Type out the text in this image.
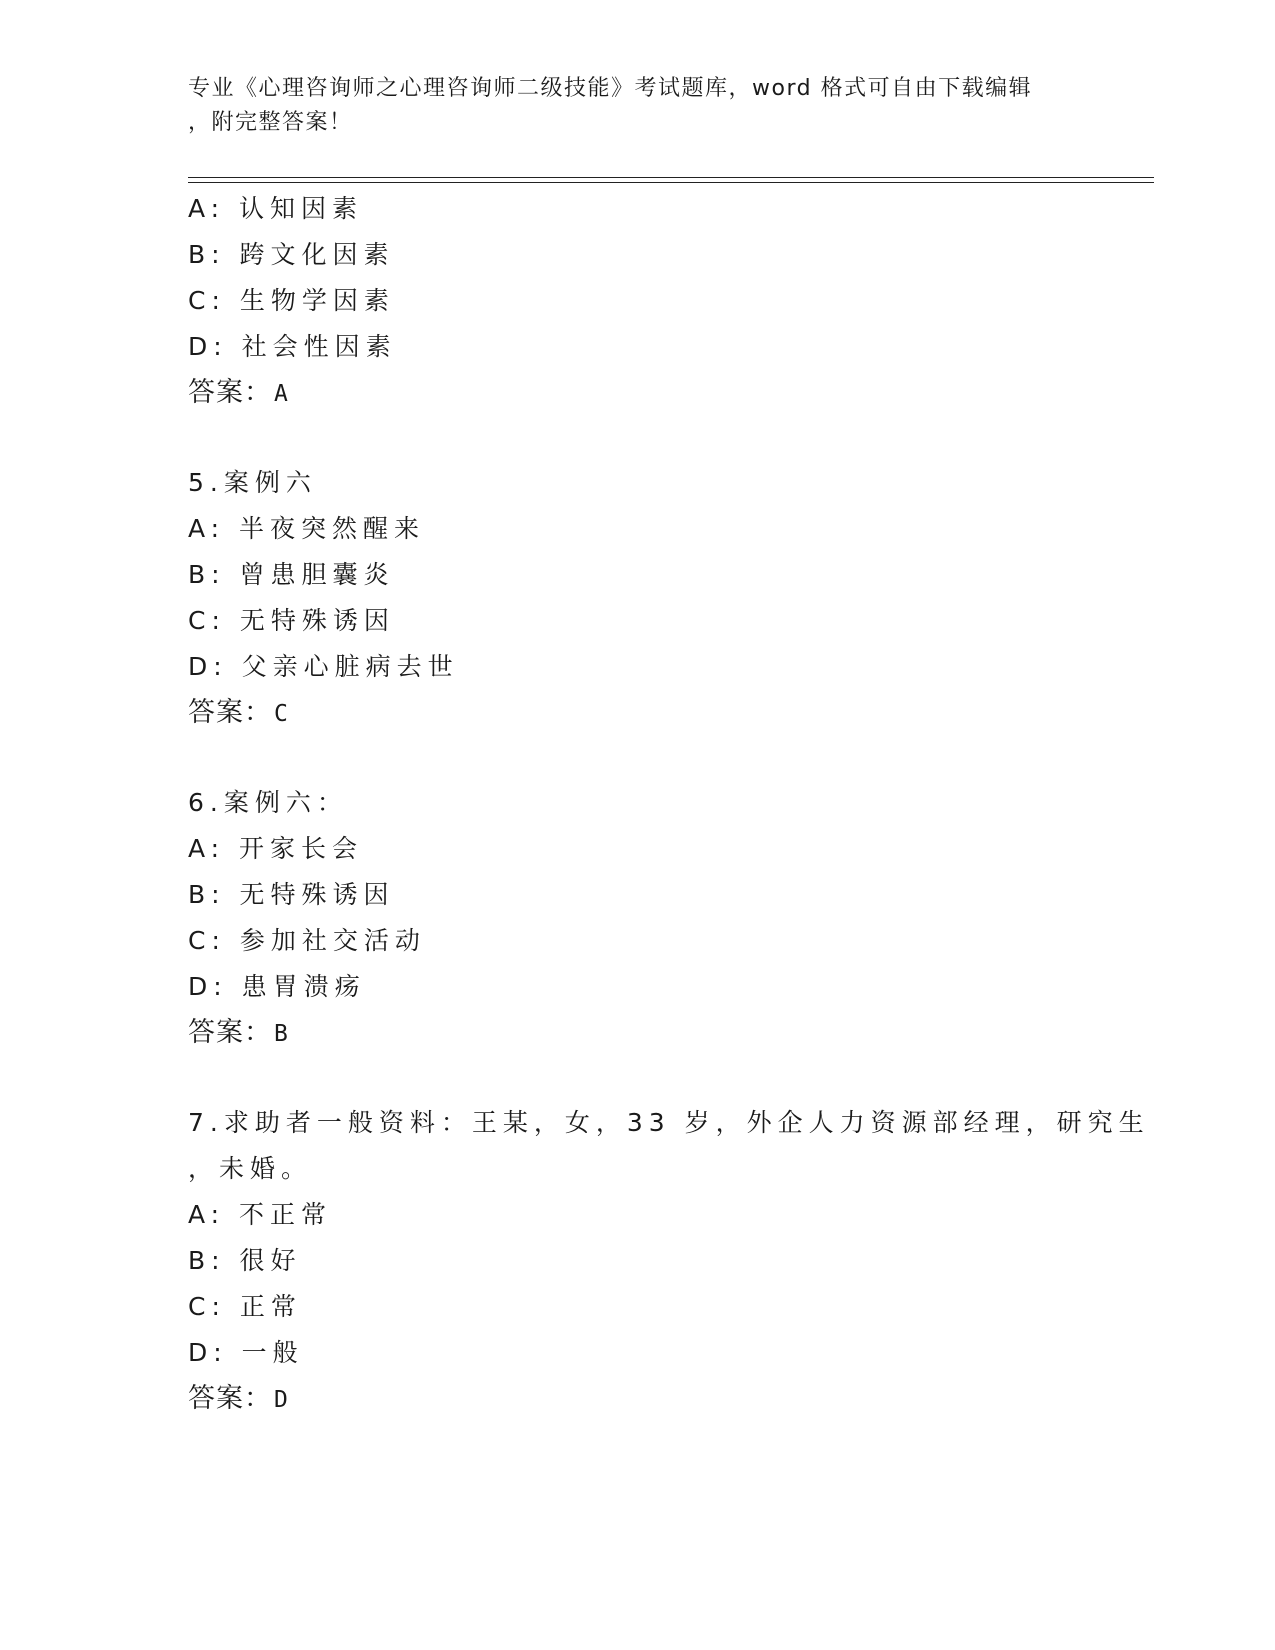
专业《心理咨询师之心理咨询师二级技能》考试题库，word 格式可自由下载编辑
，附完整答案！
A: 认知因素
B: 跨文化因素
C: 生物学因素
D: 社会性因素
答案：A
5.案例六
A: 半夜突然醒来
B: 曾患胆囊炎
C: 无特殊诱因
D: 父亲心脏病去世
答案：C
6.案例六：
A: 开家长会
B: 无特殊诱因
C: 参加社交活动
D: 患胃溃疡
答案：B
7.求助者一般资料：王某，女，33 岁，外企人力资源部经理，研究生
，未婚。
A: 不正常
B: 很好
C: 正常
D: 一般
答案：D
